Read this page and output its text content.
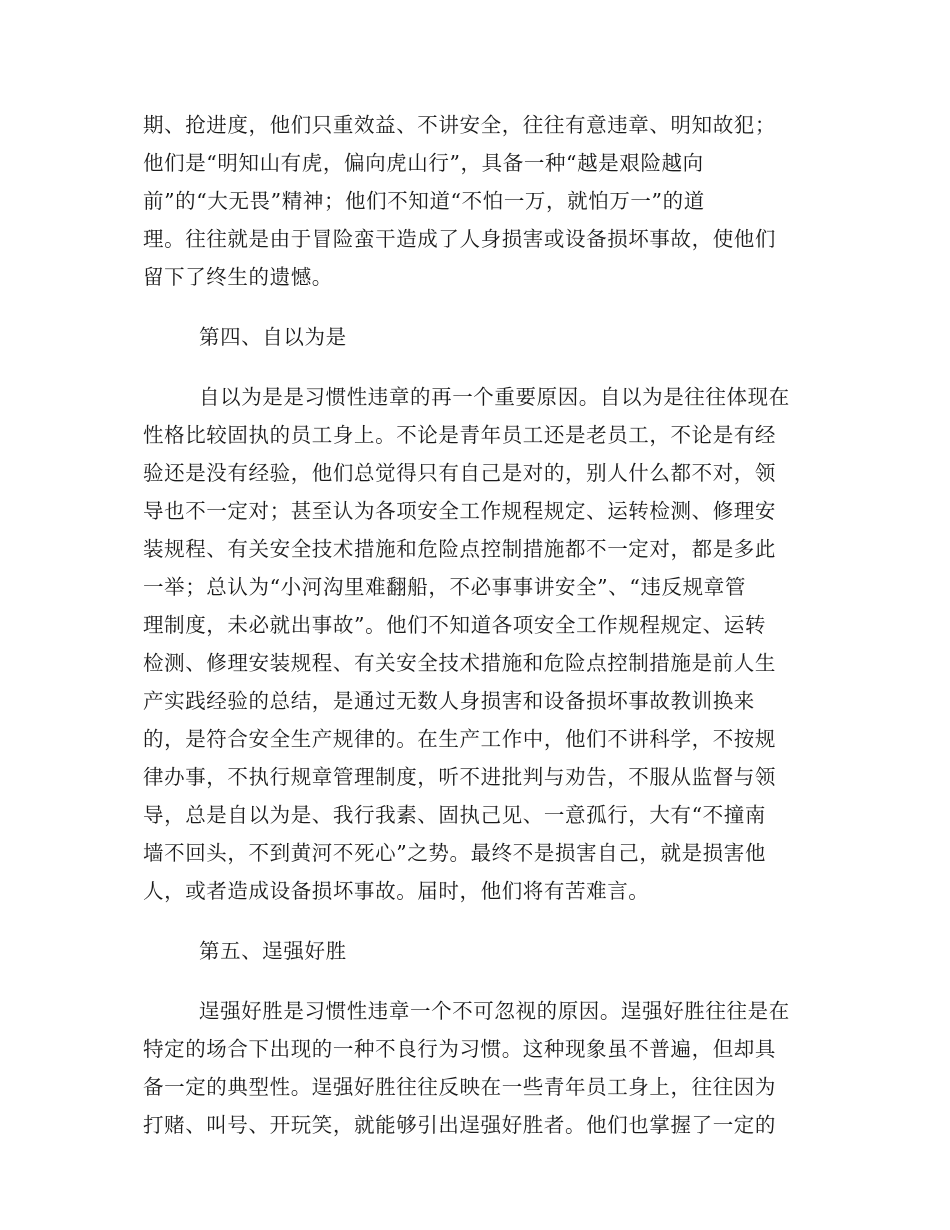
期、抢进度，他们只重效益、不讲安全，往往有意违章、明知故犯；
他们是“明知山有虎，偏向虎山行”，具备一种“越是艰险越向
前”的“大无畏”精神；他们不知道“不怕一万，就怕万一”的道
理。往往就是由于冒险蛮干造成了人身损害或设备损坏事故，使他们
留下了终生的遗憾。
第四、自以为是
自以为是是习惯性违章的再一个重要原因。自以为是往往体现在
性格比较固执的员工身上。不论是青年员工还是老员工，不论是有经
验还是没有经验，他们总觉得只有自己是对的，别人什么都不对，领
导也不一定对；甚至认为各项安全工作规程规定、运转检测、修理安
装规程、有关安全技术措施和危险点控制措施都不一定对，都是多此
一举；总认为“小河沟里难翻船，不必事事讲安全”、“违反规章管
理制度，未必就出事故”。他们不知道各项安全工作规程规定、运转
检测、修理安装规程、有关安全技术措施和危险点控制措施是前人生
产实践经验的总结，是通过无数人身损害和设备损坏事故教训换来
的，是符合安全生产规律的。在生产工作中，他们不讲科学，不按规
律办事，不执行规章管理制度，听不进批判与劝告，不服从监督与领
导，总是自以为是、我行我素、固执己见、一意孤行，大有“不撞南
墙不回头，不到黄河不死心”之势。最终不是损害自己，就是损害他
人，或者造成设备损坏事故。届时，他们将有苦难言。
第五、逞强好胜
逞强好胜是习惯性违章一个不可忽视的原因。逞强好胜往往是在
特定的场合下出现的一种不良行为习惯。这种现象虽不普遍，但却具
备一定的典型性。逞强好胜往往反映在一些青年员工身上，往往因为
打赌、叫号、开玩笑，就能够引出逞强好胜者。他们也掌握了一定的
